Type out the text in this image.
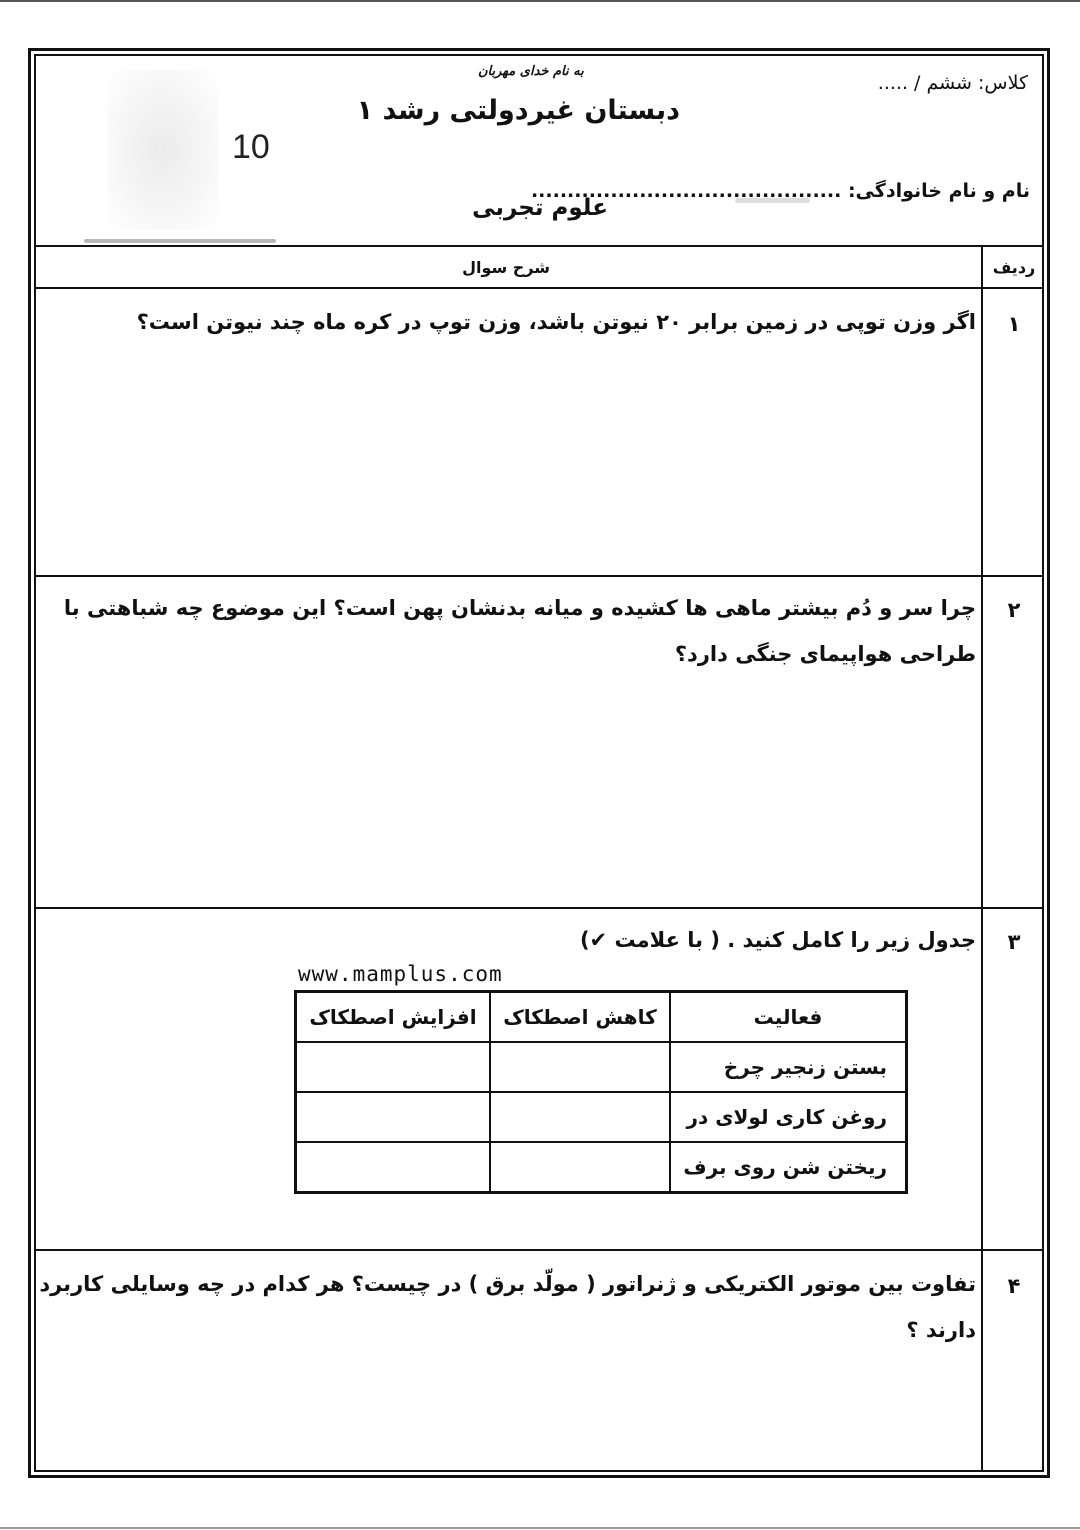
به نام خدای مهربان
دبستان غیردولتی رشد ۱
10
علوم تجربی
کلاس: ششم / .....
نام و نام خانوادگی: ...........................................
شرح سوال	ردیف
۱
اگر وزن توپی در زمین برابر ۲۰ نیوتن باشد، وزن توپ در کره ماه چند نیوتن است؟
۲
چرا سر و دُم بیشتر ماهی ها کشیده و میانه بدنشان پهن است؟ این موضوع چه شباهتی با
طراحی هواپیمای جنگی دارد؟
۳
جدول زیر را کامل کنید . ( با علامت ✔)
www.mamplus.com
فعالیت	کاهش اصطکاک	افزایش اصطکاک
بستن زنجیر چرخ		
روغن کاری لولای در		
ریختن شن روی برف		
۴
تفاوت بین موتور الکتریکی و ژنراتور ( مولّد برق ) در چیست؟ هر کدام در چه وسایلی کاربرد
دارند ؟
